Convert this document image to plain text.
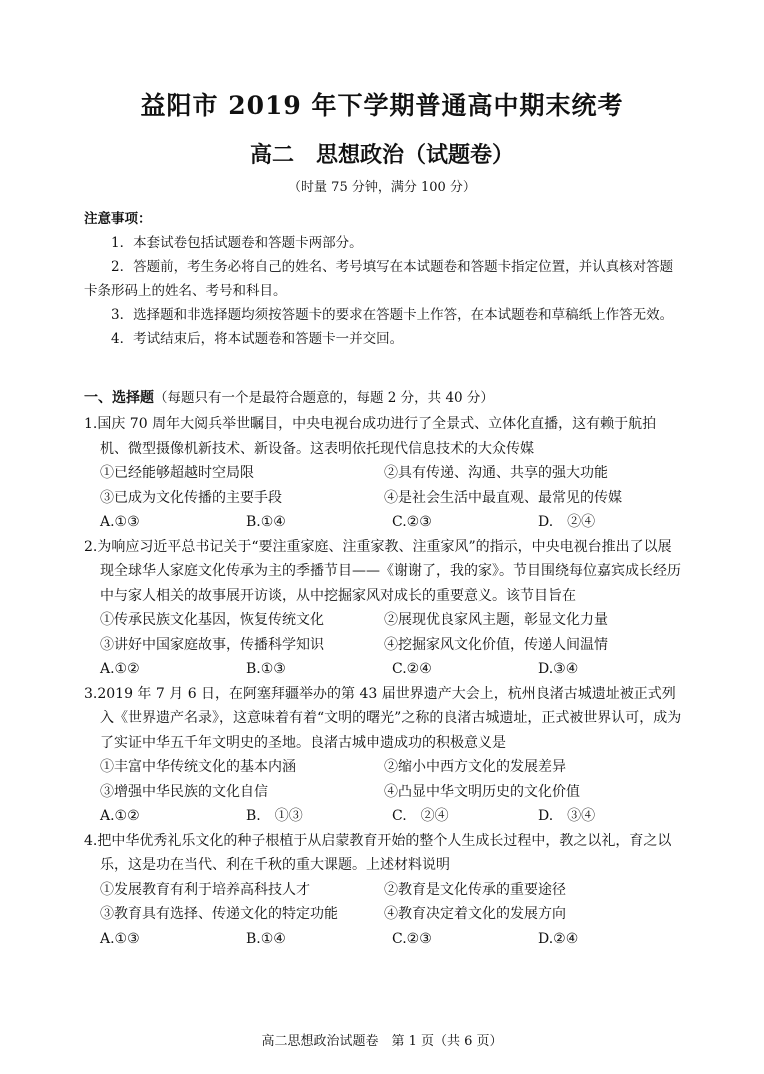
益阳市 2019 年下学期普通高中期末统考
高二　思想政治（试题卷）
（时量 75 分钟，满分 100 分）
注意事项：
1．本套试卷包括试题卷和答题卡两部分。
2．答题前，考生务必将自己的姓名、考号填写在本试题卷和答题卡指定位置，并认真核对答题卡条形码上的姓名、考号和科目。
3．选择题和非选择题均须按答题卡的要求在答题卡上作答，在本试题卷和草稿纸上作答无效。
4．考试结束后，将本试题卷和答题卡一并交回。
一、选择题（每题只有一个是最符合题意的，每题 2 分，共 40 分）
1.国庆 70 周年大阅兵举世瞩目，中央电视台成功进行了全景式、立体化直播，这有赖于航拍机、微型摄像机新技术、新设备。这表明依托现代信息技术的大众传媒
①已经能够超越时空局限	②具有传递、沟通、共享的强大功能
③已成为文化传播的主要手段	④是社会生活中最直观、最常见的传媒
A.①③	B.①④	C.②③	D.　②④
2.为响应习近平总书记关于“要注重家庭、注重家教、注重家风”的指示，中央电视台推出了以展现全球华人家庭文化传承为主的季播节目——《谢谢了，我的家》。节目围绕每位嘉宾成长经历中与家人相关的故事展开访谈，从中挖掘家风对成长的重要意义。该节目旨在
①传承民族文化基因，恢复传统文化	②展现优良家风主题，彰显文化力量
③讲好中国家庭故事，传播科学知识	④挖掘家风文化价值，传递人间温情
A.①②	B.①③	C.②④	D.③④
3.2019 年 7 月 6 日，在阿塞拜疆举办的第 43 届世界遗产大会上，杭州良渚古城遗址被正式列入《世界遗产名录》，这意味着有着“文明的曙光”之称的良渚古城遗址，正式被世界认可，成为了实证中华五千年文明史的圣地。良渚古城申遗成功的积极意义是
①丰富中华传统文化的基本内涵	②缩小中西方文化的发展差异
③增强中华民族的文化自信	④凸显中华文明历史的文化价值
A.①②	B.　①③	C.　②④	D.　③④
4.把中华优秀礼乐文化的种子根植于从启蒙教育开始的整个人生成长过程中，教之以礼，育之以乐，这是功在当代、利在千秋的重大课题。上述材料说明
①发展教育有利于培养高科技人才	②教育是文化传承的重要途径
③教育具有选择、传递文化的特定功能	④教育决定着文化的发展方向
A.①③	B.①④	C.②③	D.②④
高二思想政治试题卷　第 1 页（共 6 页）
